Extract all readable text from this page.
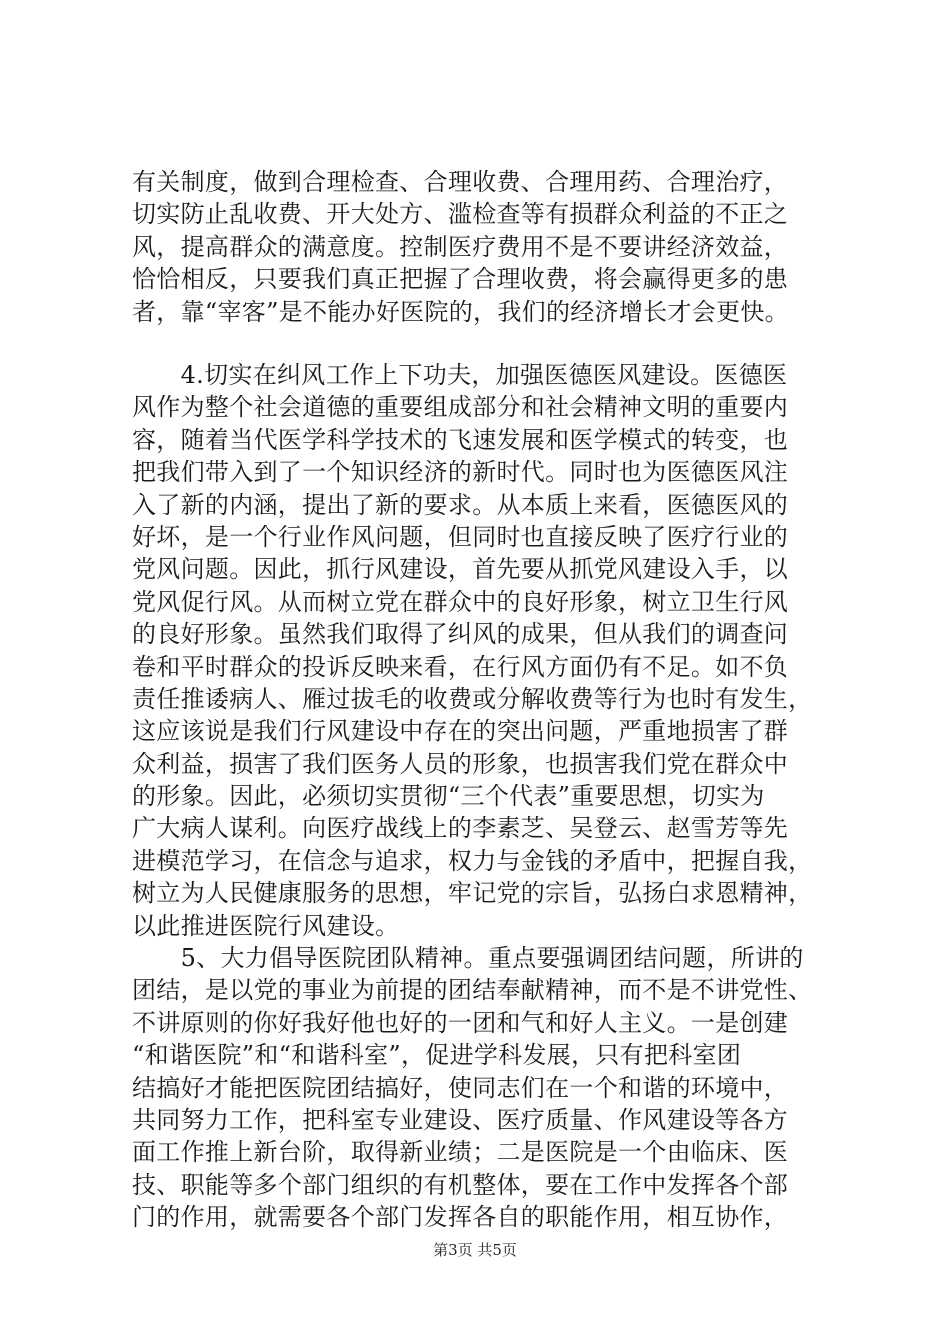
有关制度，做到合理检查、合理收费、合理用药、合理治疗，
切实防止乱收费、开大处方、滥检查等有损群众利益的不正之
风，提高群众的满意度。控制医疗费用不是不要讲经济效益，
恰恰相反，只要我们真正把握了合理收费，将会赢得更多的患
者，靠“宰客”是不能办好医院的，我们的经济增长才会更快。
　　4.切实在纠风工作上下功夫，加强医德医风建设。医德医
风作为整个社会道德的重要组成部分和社会精神文明的重要内
容，随着当代医学科学技术的飞速发展和医学模式的转变，也
把我们带入到了一个知识经济的新时代。同时也为医德医风注
入了新的内涵，提出了新的要求。从本质上来看，医德医风的
好坏，是一个行业作风问题，但同时也直接反映了医疗行业的
党风问题。因此，抓行风建设，首先要从抓党风建设入手，以
党风促行风。从而树立党在群众中的良好形象，树立卫生行风
的良好形象。虽然我们取得了纠风的成果，但从我们的调查问
卷和平时群众的投诉反映来看，在行风方面仍有不足。如不负
责任推诿病人、雁过拔毛的收费或分解收费等行为也时有发生，
这应该说是我们行风建设中存在的突出问题，严重地损害了群
众利益，损害了我们医务人员的形象，也损害我们党在群众中
的形象。因此，必须切实贯彻“三个代表”重要思想，切实为
广大病人谋利。向医疗战线上的李素芝、吴登云、赵雪芳等先
进模范学习，在信念与追求，权力与金钱的矛盾中，把握自我，
树立为人民健康服务的思想，牢记党的宗旨，弘扬白求恩精神，
以此推进医院行风建设。
　　5、大力倡导医院团队精神。重点要强调团结问题，所讲的
团结，是以党的事业为前提的团结奉献精神，而不是不讲党性、
不讲原则的你好我好他也好的一团和气和好人主义。一是创建
“和谐医院”和“和谐科室”，促进学科发展，只有把科室团
结搞好才能把医院团结搞好，使同志们在一个和谐的环境中，
共同努力工作，把科室专业建设、医疗质量、作风建设等各方
面工作推上新台阶，取得新业绩；二是医院是一个由临床、医
技、职能等多个部门组织的有机整体，要在工作中发挥各个部
门的作用，就需要各个部门发挥各自的职能作用，相互协作，
第3页 共5页
